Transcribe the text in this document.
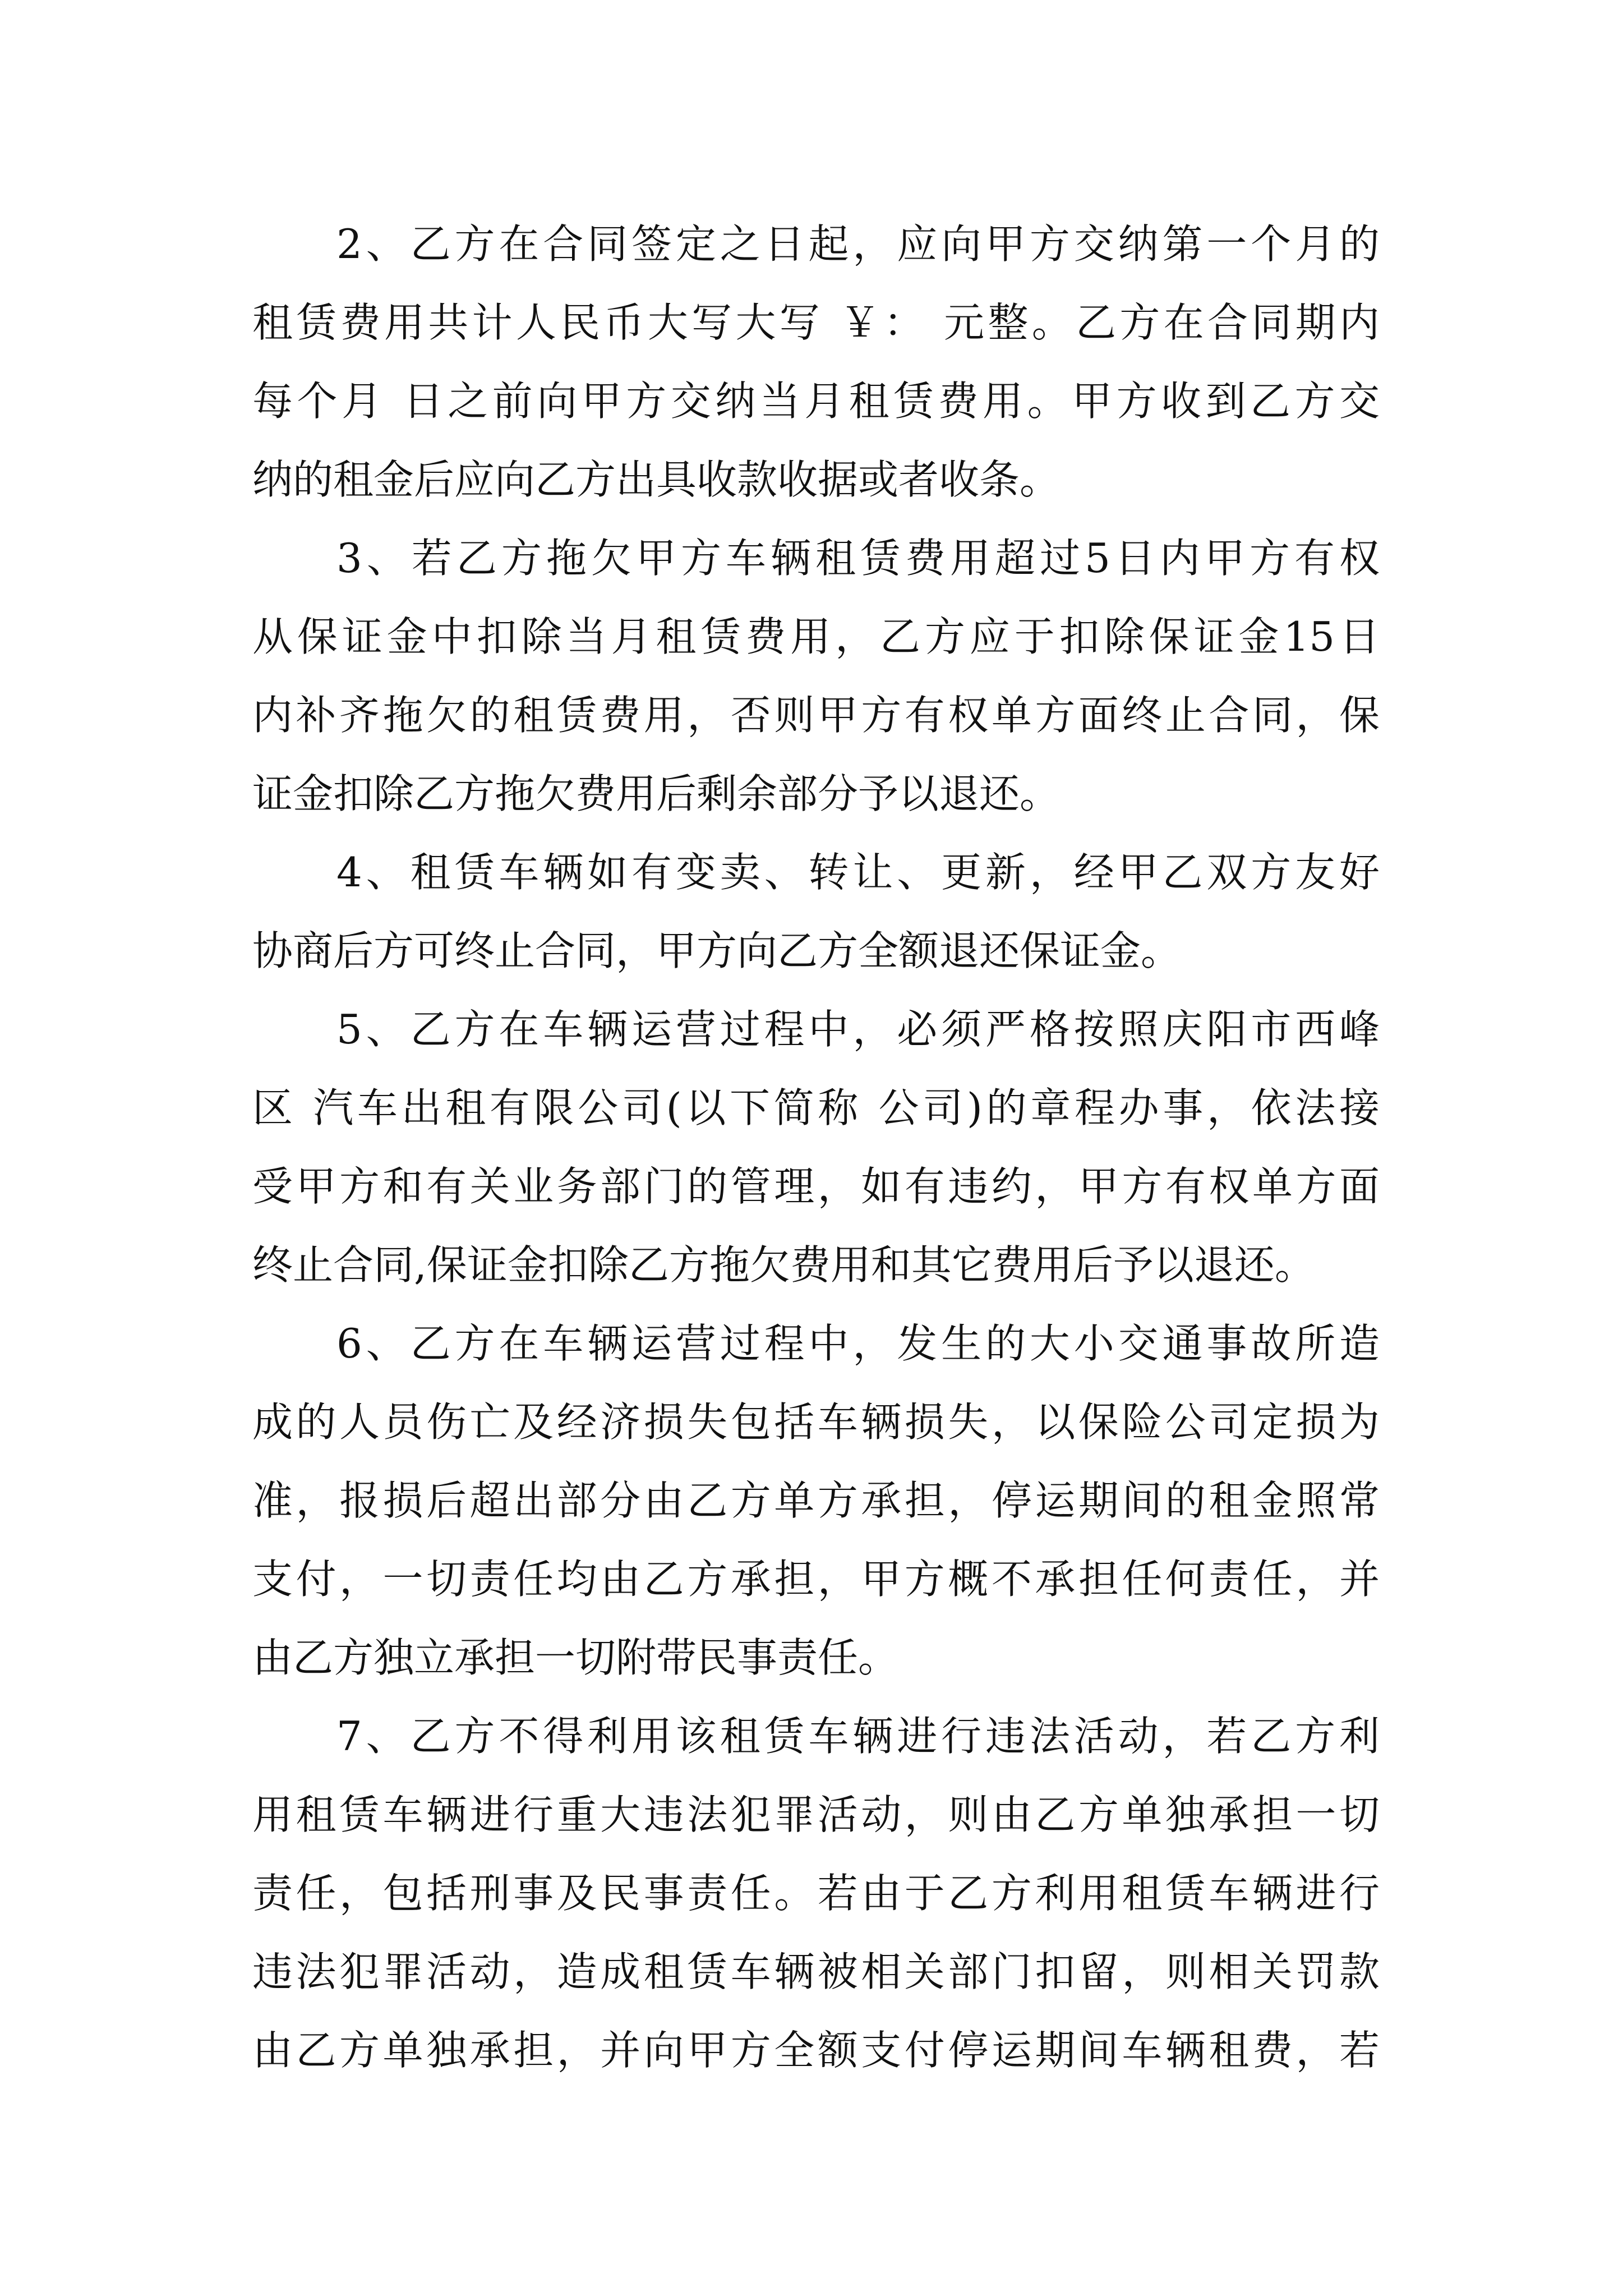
2、乙方在合同签定之日起，应向甲方交纳第一个月的
租赁费用共计人民币大写大写 ￥： 元整。乙方在合同期内
每个月 日之前向甲方交纳当月租赁费用。甲方收到乙方交
纳的租金后应向乙方出具收款收据或者收条。
3、若乙方拖欠甲方车辆租赁费用超过5日内甲方有权
从保证金中扣除当月租赁费用，乙方应于扣除保证金15日
内补齐拖欠的租赁费用，否则甲方有权单方面终止合同，保
证金扣除乙方拖欠费用后剩余部分予以退还。
4、租赁车辆如有变卖、转让、更新，经甲乙双方友好
协商后方可终止合同，甲方向乙方全额退还保证金。
5、乙方在车辆运营过程中，必须严格按照庆阳市西峰
区 汽车出租有限公司(以下简称 公司)的章程办事，依法接
受甲方和有关业务部门的管理，如有违约，甲方有权单方面
终止合同,保证金扣除乙方拖欠费用和其它费用后予以退还。
6、乙方在车辆运营过程中，发生的大小交通事故所造
成的人员伤亡及经济损失包括车辆损失，以保险公司定损为
准，报损后超出部分由乙方单方承担，停运期间的租金照常
支付，一切责任均由乙方承担，甲方概不承担任何责任，并
由乙方独立承担一切附带民事责任。
7、乙方不得利用该租赁车辆进行违法活动，若乙方利
用租赁车辆进行重大违法犯罪活动，则由乙方单独承担一切
责任，包括刑事及民事责任。若由于乙方利用租赁车辆进行
违法犯罪活动，造成租赁车辆被相关部门扣留，则相关罚款
由乙方单独承担，并向甲方全额支付停运期间车辆租费，若
